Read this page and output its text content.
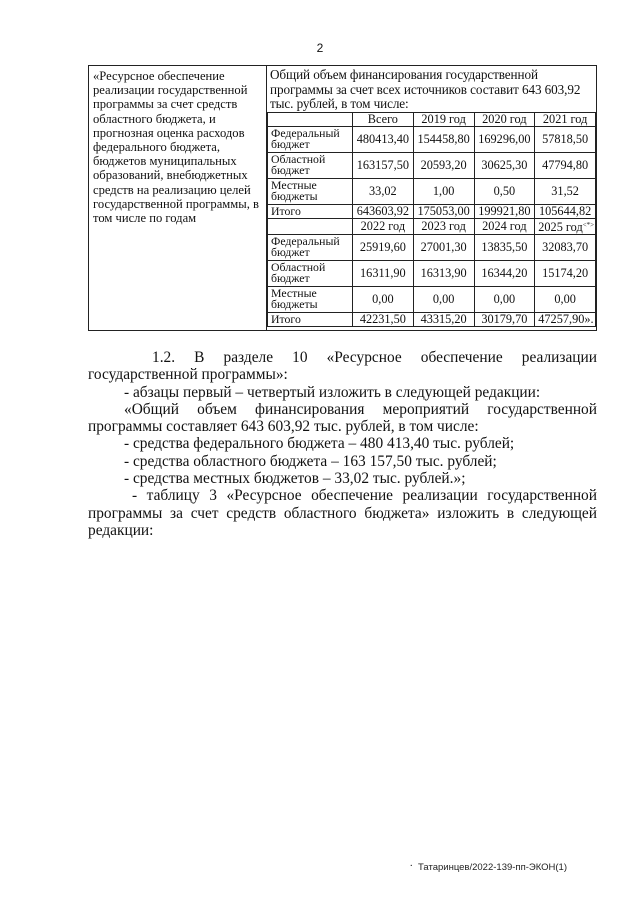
2
«Ресурсное обеспечение реализации государственной программы за счет средств областного бюджета, и прогнозная оценка расходов федерального бюджета, бюджетов муниципальных образований, внебюджетных средств на реализацию целей государственной программы, в том числе по годам	
Общий объем финансирования государственной программы за счет всех источников составит 643 603,92 тыс. рублей, в том числе:
	Всего	2019 год	2020 год	2021 год
Федеральный бюджет	480413,40	154458,80	169296,00	57818,50
Областной бюджет	163157,50	20593,20	30625,30	47794,80
Местные бюджеты	33,02	1,00	0,50	31,52
Итого	643603,92	175053,00	199921,80	105644,82
	2022 год	2023 год	2024 год	2025 год<*>
Федеральный бюджет	25919,60	27001,30	13835,50	32083,70
Областной бюджет	16311,90	16313,90	16344,20	15174,20
Местные бюджеты	0,00	0,00	0,00	0,00
Итого	42231,50	43315,20	30179,70	47257,90».

1.2. В разделе 10 «Ресурсное обеспечение реализации государственной программы»:

- абзацы первый – четвертый изложить в следующей редакции:

«Общий объем финансирования мероприятий государственной программы составляет 643 603,92 тыс. рублей, в том числе:

- средства федерального бюджета – 480 413,40 тыс. рублей;

- средства областного бюджета – 163 157,50 тыс. рублей;

- средства местных бюджетов – 33,02 тыс. рублей.»;

- таблицу 3 «Ресурсное обеспечение реализации государственной программы за счет средств областного бюджета» изложить в следующей редакции:

. Татаринцев/2022-139-пп-ЭКОН(1)
